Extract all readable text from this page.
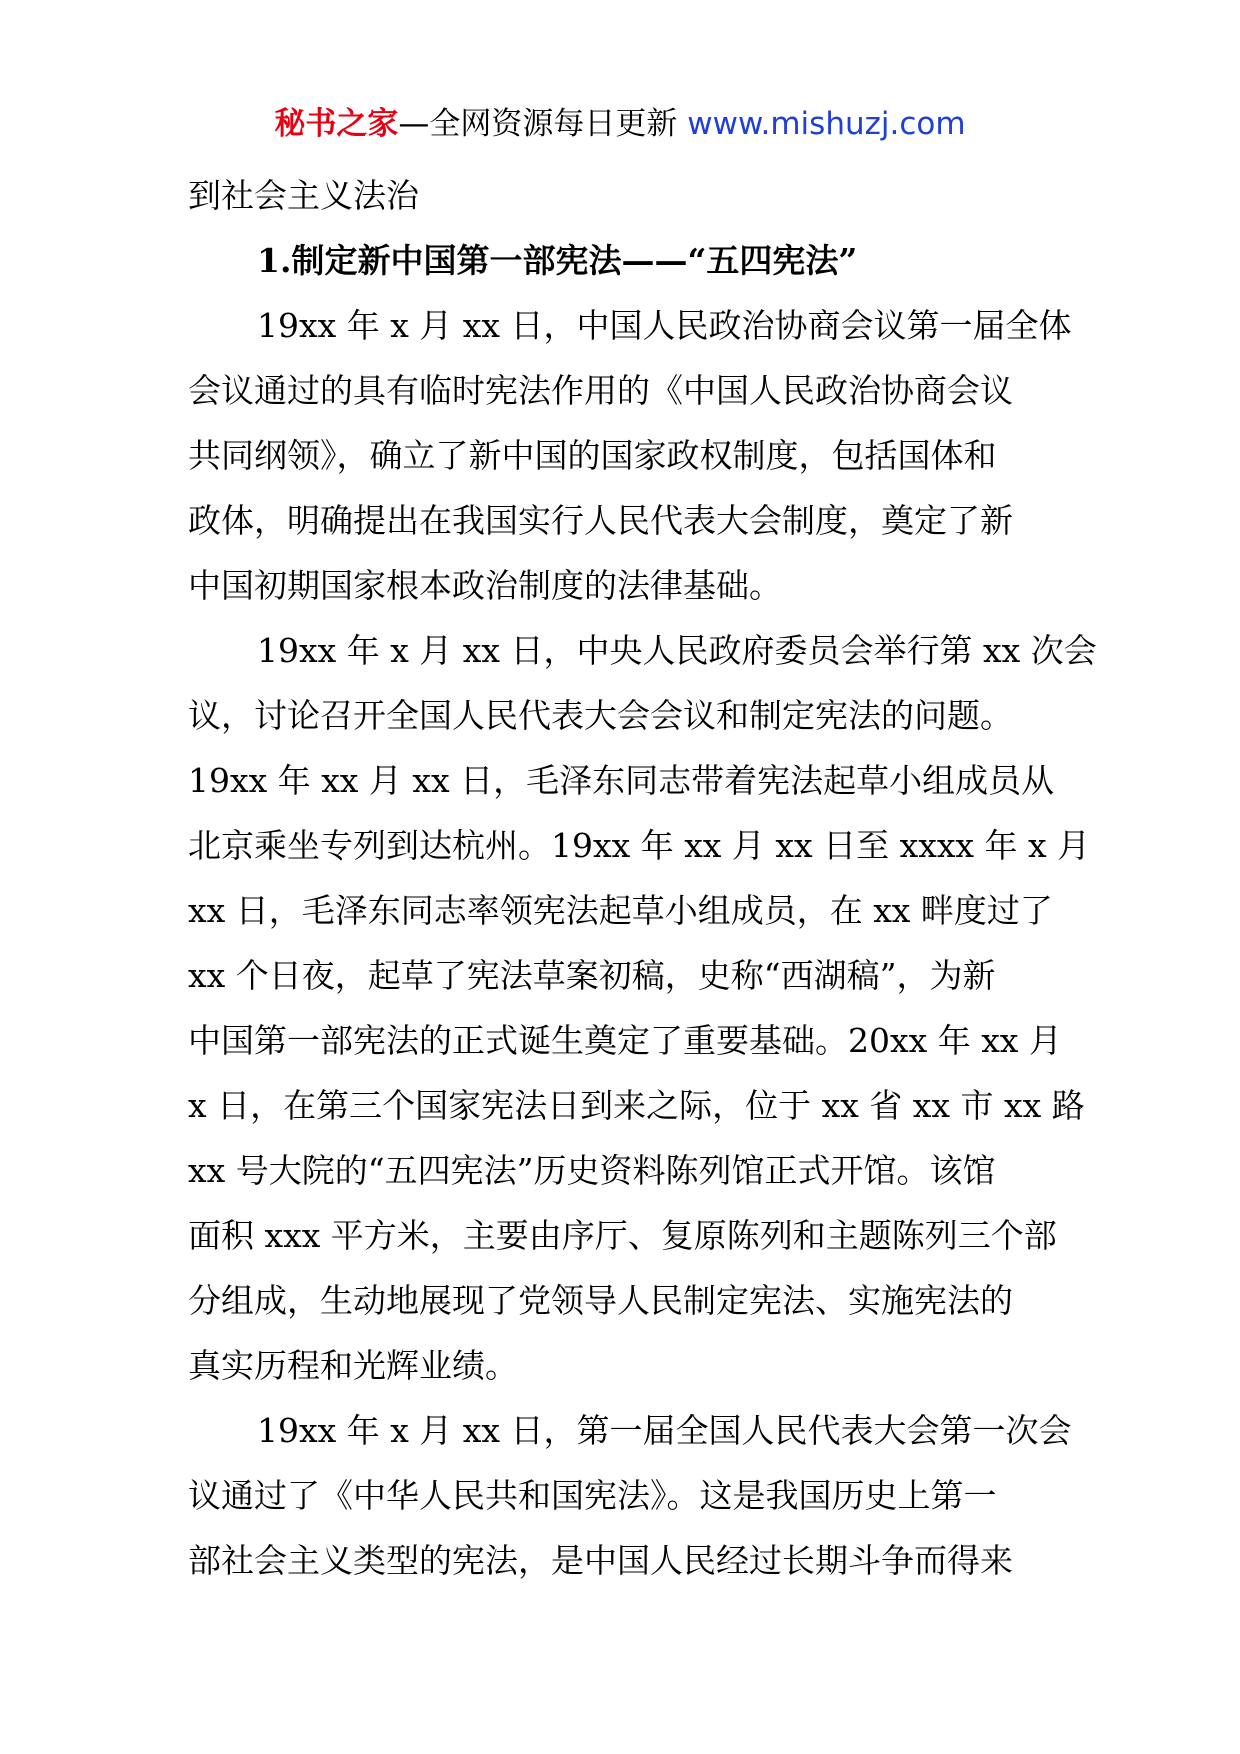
秘书之家—全网资源每日更新 www.mishuzj.com
到社会主义法治
1.制定新中国第一部宪法——“五四宪法”
19xx 年 x 月 xx 日，中国人民政治协商会议第一届全体
会议通过的具有临时宪法作用的《中国人民政治协商会议
共同纲领》，确立了新中国的国家政权制度，包括国体和
政体，明确提出在我国实行人民代表大会制度，奠定了新
中国初期国家根本政治制度的法律基础。
19xx 年 x 月 xx 日，中央人民政府委员会举行第 xx 次会
议，讨论召开全国人民代表大会会议和制定宪法的问题。
19xx 年 xx 月 xx 日，毛泽东同志带着宪法起草小组成员从
北京乘坐专列到达杭州。19xx 年 xx 月 xx 日至 xxxx 年 x 月
xx 日，毛泽东同志率领宪法起草小组成员，在 xx 畔度过了
xx 个日夜，起草了宪法草案初稿，史称“西湖稿”，为新
中国第一部宪法的正式诞生奠定了重要基础。20xx 年 xx 月
x 日，在第三个国家宪法日到来之际，位于 xx 省 xx 市 xx 路
xx 号大院的“五四宪法”历史资料陈列馆正式开馆。该馆
面积 xxx 平方米，主要由序厅、复原陈列和主题陈列三个部
分组成，生动地展现了党领导人民制定宪法、实施宪法的
真实历程和光辉业绩。
19xx 年 x 月 xx 日，第一届全国人民代表大会第一次会
议通过了《中华人民共和国宪法》。这是我国历史上第一
部社会主义类型的宪法，是中国人民经过长期斗争而得来
